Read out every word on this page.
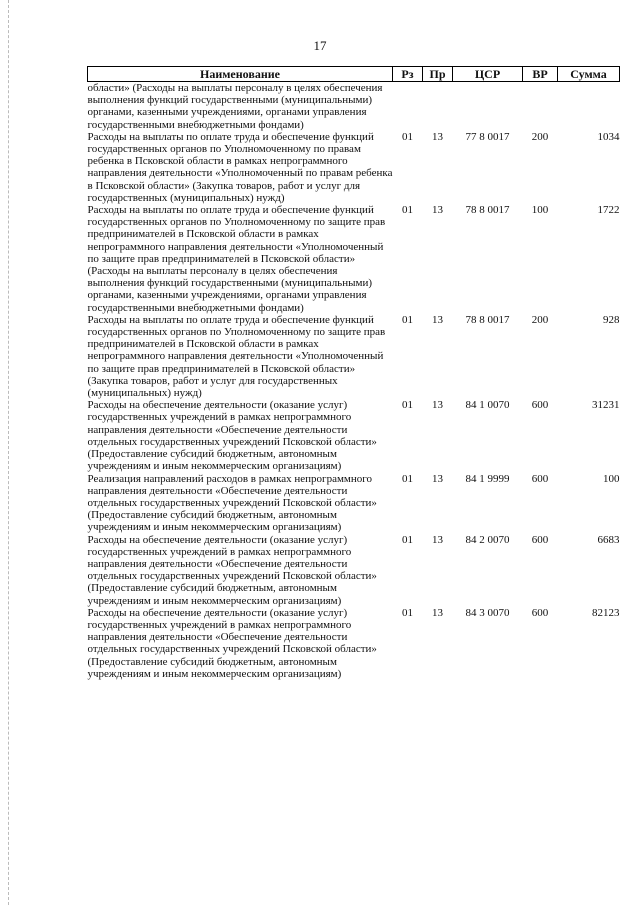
17
Наименование	Рз	Пр	ЦСР	ВР	Сумма
области» (Расходы на выплаты персоналу в целях обеспечения выполнения функций государственными (муниципальными) органами, казенными учреждениями, органами управления государственными внебюджетными фондами)					
Расходы на выплаты по оплате труда и обеспечение функций государственных органов по Уполномоченному по правам ребенка в Псковской области в рамках непрограммного направления деятельности «Уполномоченный по правам ребенка в Псковской области» (Закупка товаров, работ и услуг для государственных (муниципальных) нужд)	01	13	77 8 0017	200	1034
Расходы на выплаты по оплате труда и обеспечение функций государственных органов по Уполномоченному по защите прав предпринимателей в Псковской области в рамках непрограммного направления деятельности «Уполномоченный по защите прав предпринимателей в Псковской области» (Расходы на выплаты персоналу в целях обеспечения выполнения функций государственными (муниципальными) органами, казенными учреждениями, органами управления государственными внебюджетными фондами)	01	13	78 8 0017	100	1722
Расходы на выплаты по оплате труда и обеспечение функций государственных органов по Уполномоченному по защите прав предпринимателей в Псковской области в рамках непрограммного направления деятельности «Уполномоченный по защите прав предпринимателей в Псковской области» (Закупка товаров, работ и услуг для государственных (муниципальных) нужд)	01	13	78 8 0017	200	928
Расходы на обеспечение деятельности (оказание услуг) государственных учреждений в рамках непрограммного направления деятельности «Обеспечение деятельности отдельных государственных учреждений Псковской области» (Предоставление субсидий бюджетным, автономным учреждениям и иным некоммерческим организациям)	01	13	84 1 0070	600	31231
Реализация направлений расходов в рамках непрограммного направления деятельности «Обеспечение деятельности отдельных государственных учреждений Псковской области» (Предоставление субсидий бюджетным, автономным учреждениям и иным некоммерческим организациям)	01	13	84 1 9999	600	100
Расходы на обеспечение деятельности (оказание услуг) государственных учреждений в рамках непрограммного направления деятельности «Обеспечение деятельности отдельных государственных учреждений Псковской области» (Предоставление субсидий бюджетным, автономным учреждениям и иным некоммерческим организациям)	01	13	84 2 0070	600	6683
Расходы на обеспечение деятельности (оказание услуг) государственных учреждений в рамках непрограммного направления деятельности «Обеспечение деятельности отдельных государственных учреждений Псковской области» (Предоставление субсидий бюджетным, автономным учреждениям и иным некоммерческим организациям)	01	13	84 3 0070	600	82123
